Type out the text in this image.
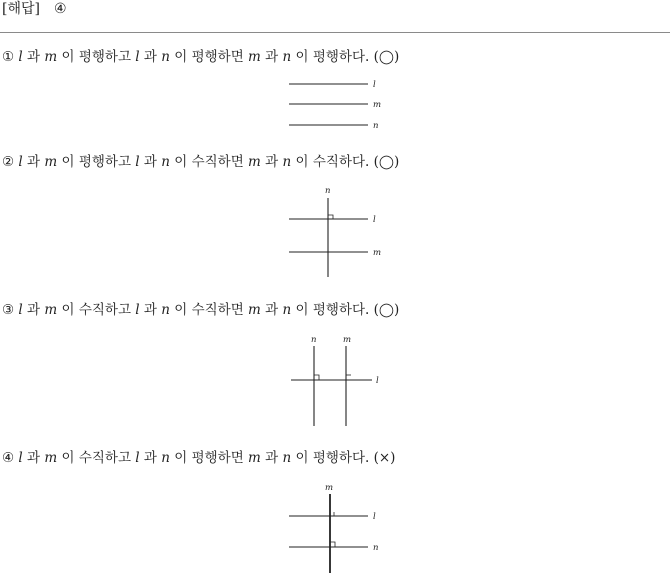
[해답] ④
① l 과 m 이 평행하고 l 과 n 이 평행하면 m 과 n 이 평행하다. (◯)
l
m
n
② l 과 m 이 평행하고 l 과 n 이 수직하면 m 과 n 이 수직하다. (◯)
n
l
m
③ l 과 m 이 수직하고 l 과 n 이 수직하면 m 과 n 이 평행하다. (◯)
n	m
l
④ l 과 m 이 수직하고 l 과 n 이 평행하면 m 과 n 이 평행하다. (×)
m
l
n
